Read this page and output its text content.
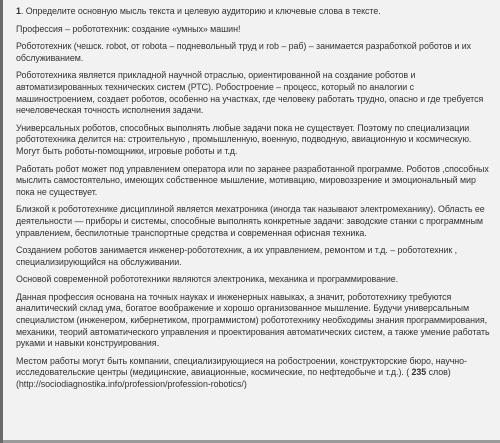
1. Определите основную мысль текста и целевую аудиторию и ключевые слова в тексте.

Профессия – робототехник: создание «умных» машин!

Робототехник (чешск. robot, от robota – подневольный труд и rob – раб) – занимается разработкой роботов и их обслуживанием.

Робототехника является прикладной научной отраслью, ориентированной на создание роботов и автоматизированных технических систем (РТС). Робостроение – процесс, который по аналогии с машиностроением, создает роботов, особенно на участках, где человеку работать трудно, опасно и где требуется нечеловеческая точность исполнения задачи.

Универсальных роботов, способных выполнять любые задачи пока не существует. Поэтому по специализации робототехника делится на: строительную , промышленную, военную, подводную, авиационную и космическую. Могут быть роботы-помощники, игровые роботы и т.д.

Работать робот может под управлением оператора или по заранее разработанной программе. Роботов ,способных мыслить самостоятельно, имеющих собственное мышление, мотивацию, мировоззрение и эмоциональный мир пока не существует.

Близкой к робототехнике дисциплиной является мехатроника (иногда так называют электромеханику). Область ее деятельности — приборы и системы, способные выполнять конкретные задачи: заводские станки с программным управлением, беспилотные транспортные средства и современная офисная техника.

Созданием роботов занимается инженер-робототехник, а их управлением, ремонтом и т.д. – робототехник , специализирующийся на обслуживании.

Основой современной робототехники являются электроника, механика и программирование.

Данная профессия основана на точных науках и инженерных навыках, а значит, робототехнику требуются аналитический склад ума, богатое воображение и хорошо организованное мышление. Будучи универсальным специалистом (инженером, кибернетиком, программистом) робототехнику необходимы знания программирования, механики, теорий автоматического управления и проектирования автоматических систем, а также умение работать руками и навыки конструирования.

Местом работы могут быть компании, специализирующиеся на робостроении, конструкторские бюро, научно-исследовательские центры (медицинские, авиационные, космические, по нефтедобыче и т.д.). ( 235 слов)(http://sociodiagnostika.info/profession/profession-robotics/)
